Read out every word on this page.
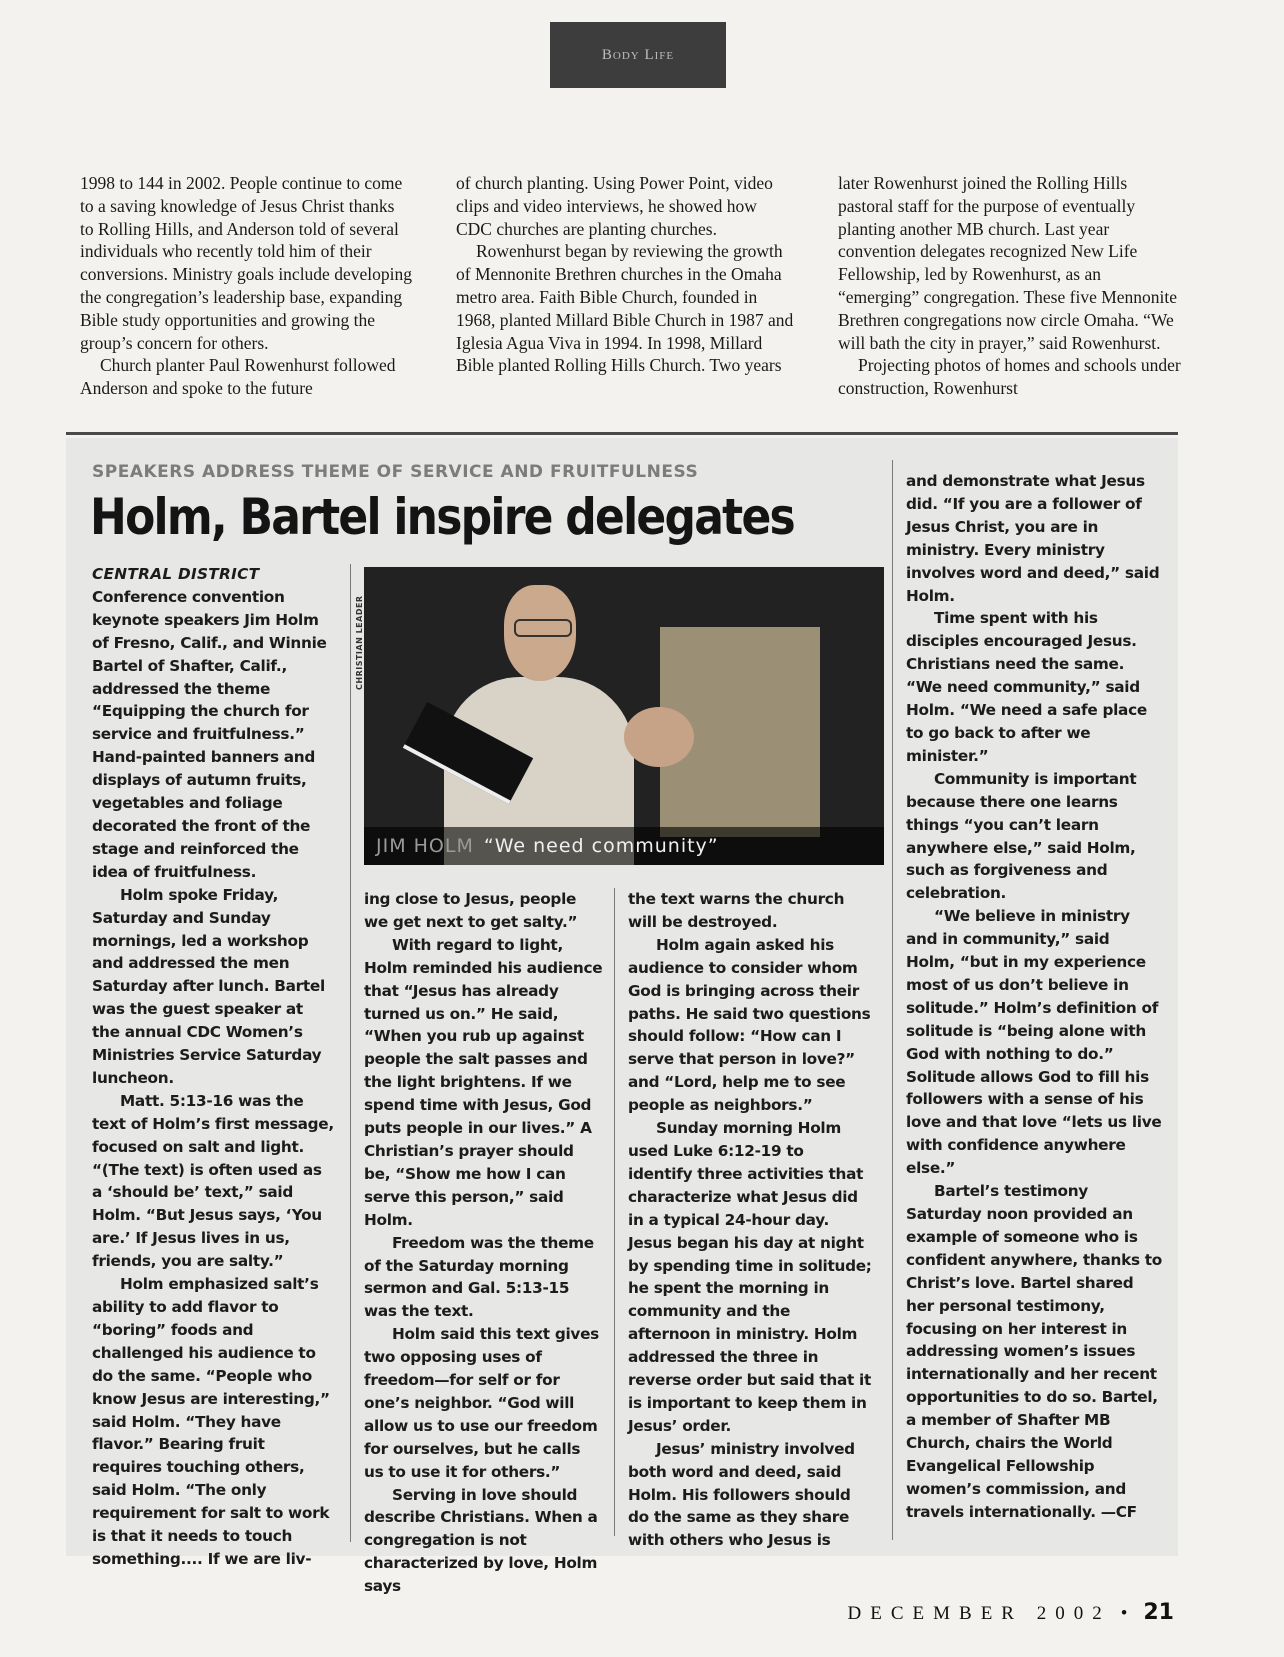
Body Life

1998 to 144 in 2002. People continue to come to a saving knowledge of Jesus Christ thanks to Rolling Hills, and Anderson told of several individuals who recently told him of their conversions. Ministry goals include developing the congregation’s leadership base, expanding Bible study opportunities and growing the group’s concern for others.

Church planter Paul Rowenhurst followed Anderson and spoke to the future

of church planting. Using Power Point, video clips and video interviews, he showed how CDC churches are planting churches.

Rowenhurst began by reviewing the growth of Mennonite Brethren churches in the Omaha metro area. Faith Bible Church, founded in 1968, planted Millard Bible Church in 1987 and Iglesia Agua Viva in 1994. In 1998, Millard Bible planted Rolling Hills Church. Two years

later Rowenhurst joined the Rolling Hills pastoral staff for the purpose of eventually planting another MB church. Last year convention delegates recognized New Life Fellowship, led by Rowenhurst, as an “emerging” congregation. These five Mennonite Brethren congregations now circle Omaha. “We will bath the city in prayer,” said Rowenhurst.

Projecting photos of homes and schools under construction, Rowenhurst

SPEAKERS ADDRESS THEME OF SERVICE AND FRUITFULNESS
Holm, Bartel inspire delegates

CENTRAL DISTRICT

Conference convention keynote speakers Jim Holm of Fresno, Calif., and Winnie Bartel of Shafter, Calif., addressed the theme “Equipping the church for service and fruitfulness.” Hand-painted banners and displays of autumn fruits, vegetables and foliage decorated the front of the stage and reinforced the idea of fruitfulness.

Holm spoke Friday, Saturday and Sunday mornings, led a workshop and addressed the men Saturday after lunch. Bartel was the guest speaker at the annual CDC Women’s Ministries Service Saturday luncheon.

Matt. 5:13-16 was the text of Holm’s first message, focused on salt and light. “(The text) is often used as a ‘should be’ text,” said Holm. “But Jesus says, ‘You are.’ If Jesus lives in us, friends, you are salty.”

Holm emphasized salt’s ability to add flavor to “boring” foods and challenged his audience to do the same. “People who know Jesus are interesting,” said Holm. “They have flavor.” Bearing fruit requires touching others, said Holm. “The only requirement for salt to work is that it needs to touch something.... If we are liv-

JIM HOLM “We need community”
CHRISTIAN LEADER

ing close to Jesus, people we get next to get salty.”

With regard to light, Holm reminded his audience that “Jesus has already turned us on.” He said, “When you rub up against people the salt passes and the light brightens. If we spend time with Jesus, God puts people in our lives.” A Christian’s prayer should be, “Show me how I can serve this person,” said Holm.

Freedom was the theme of the Saturday morning sermon and Gal. 5:13-15 was the text.

Holm said this text gives two opposing uses of freedom—for self or for one’s neighbor. “God will allow us to use our freedom for ourselves, but he calls us to use it for others.”

Serving in love should describe Christians. When a congregation is not characterized by love, Holm says

the text warns the church will be destroyed.

Holm again asked his audience to consider whom God is bringing across their paths. He said two questions should follow: “How can I serve that person in love?” and “Lord, help me to see people as neighbors.”

Sunday morning Holm used Luke 6:12-19 to identify three activities that characterize what Jesus did in a typical 24-hour day. Jesus began his day at night by spending time in solitude; he spent the morning in community and the afternoon in ministry. Holm addressed the three in reverse order but said that it is important to keep them in Jesus’ order.

Jesus’ ministry involved both word and deed, said Holm. His followers should do the same as they share with others who Jesus is

and demonstrate what Jesus did. “If you are a follower of Jesus Christ, you are in ministry. Every ministry involves word and deed,” said Holm.

Time spent with his disciples encouraged Jesus. Christians need the same. “We need community,” said Holm. “We need a safe place to go back to after we minister.”

Community is important because there one learns things “you can’t learn anywhere else,” said Holm, such as forgiveness and celebration.

“We believe in ministry and in community,” said Holm, “but in my experience most of us don’t believe in solitude.” Holm’s definition of solitude is “being alone with God with nothing to do.” Solitude allows God to fill his followers with a sense of his love and that love “lets us live with confidence anywhere else.”

Bartel’s testimony Saturday noon provided an example of someone who is confident anywhere, thanks to Christ’s love. Bartel shared her personal testimony, focusing on her interest in addressing women’s issues internationally and her recent opportunities to do so. Bartel, a member of Shafter MB Church, chairs the World Evangelical Fellowship women’s commission, and travels internationally. —CF

DECEMBER 2002 • 21
